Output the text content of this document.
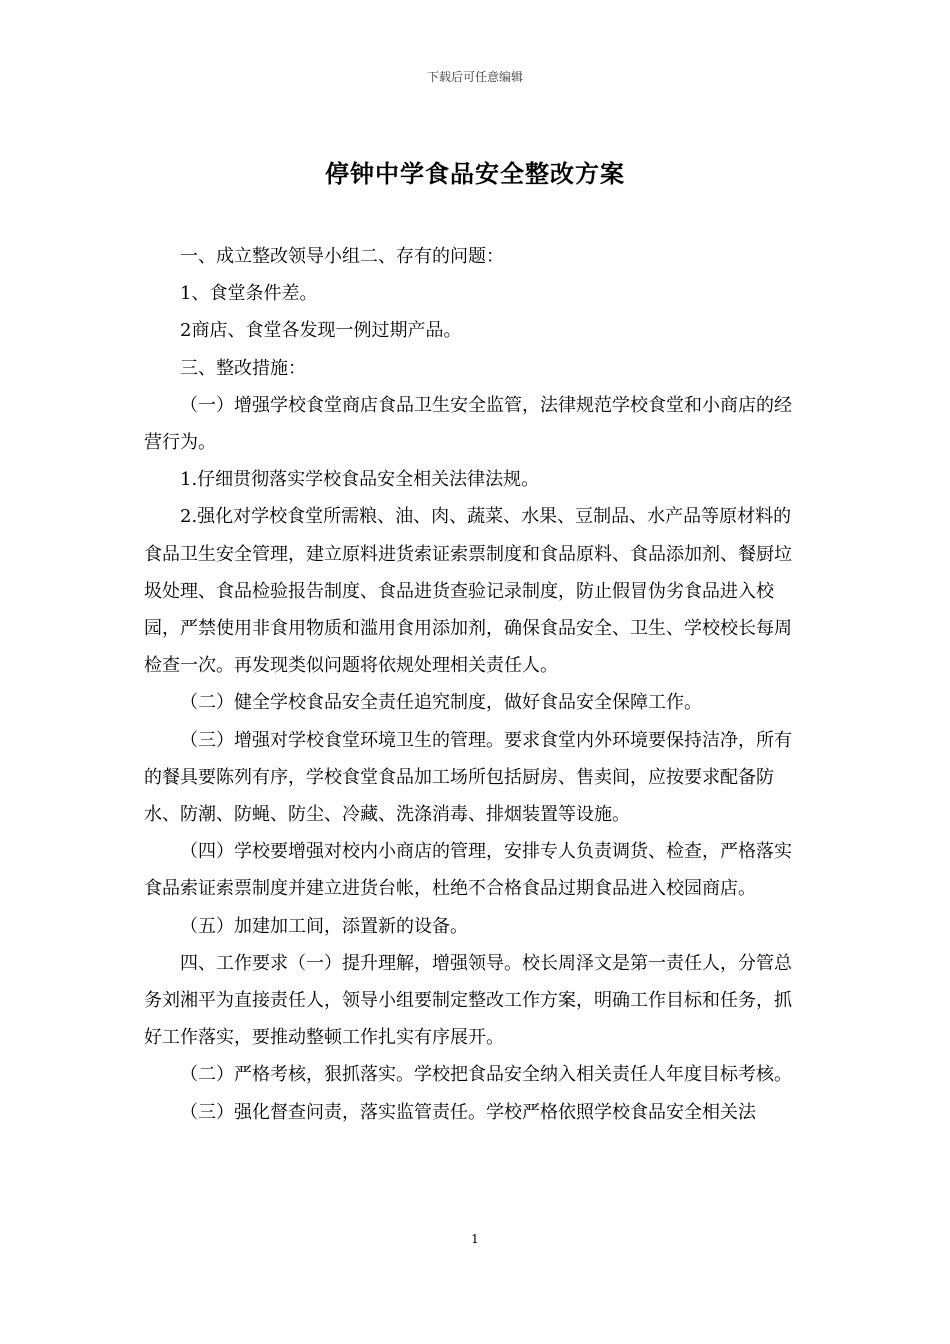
下载后可任意编辑
停钟中学食品安全整改方案

一、成立整改领导小组二、存有的问题：

1、食堂条件差。

2商店、食堂各发现一例过期产品。

三、整改措施：

（一）增强学校食堂商店食品卫生安全监管，法律规范学校食堂和小商店的经营行为。

1.仔细贯彻落实学校食品安全相关法律法规。

2.强化对学校食堂所需粮、油、肉、蔬菜、水果、豆制品、水产品等原材料的食品卫生安全管理，建立原料进货索证索票制度和食品原料、食品添加剂、餐厨垃圾处理、食品检验报告制度、食品进货查验记录制度，防止假冒伪劣食品进入校园，严禁使用非食用物质和滥用食用添加剂，确保食品安全、卫生、学校校长每周检查一次。再发现类似问题将依规处理相关责任人。

（二）健全学校食品安全责任追究制度，做好食品安全保障工作。

（三）增强对学校食堂环境卫生的管理。要求食堂内外环境要保持洁净，所有的餐具要陈列有序，学校食堂食品加工场所包括厨房、售卖间，应按要求配备防水、防潮、防蝇、防尘、冷藏、洗涤消毒、排烟装置等设施。

（四）学校要增强对校内小商店的管理，安排专人负责调货、检查，严格落实食品索证索票制度并建立进货台帐，杜绝不合格食品过期食品进入校园商店。

（五）加建加工间，添置新的设备。

四、工作要求（一）提升理解，增强领导。校长周泽文是第一责任人，分管总务刘湘平为直接责任人，领导小组要制定整改工作方案，明确工作目标和任务，抓好工作落实，要推动整顿工作扎实有序展开。

（二）严格考核，狠抓落实。学校把食品安全纳入相关责任人年度目标考核。

（三）强化督查问责，落实监管责任。学校严格依照学校食品安全相关法

1
